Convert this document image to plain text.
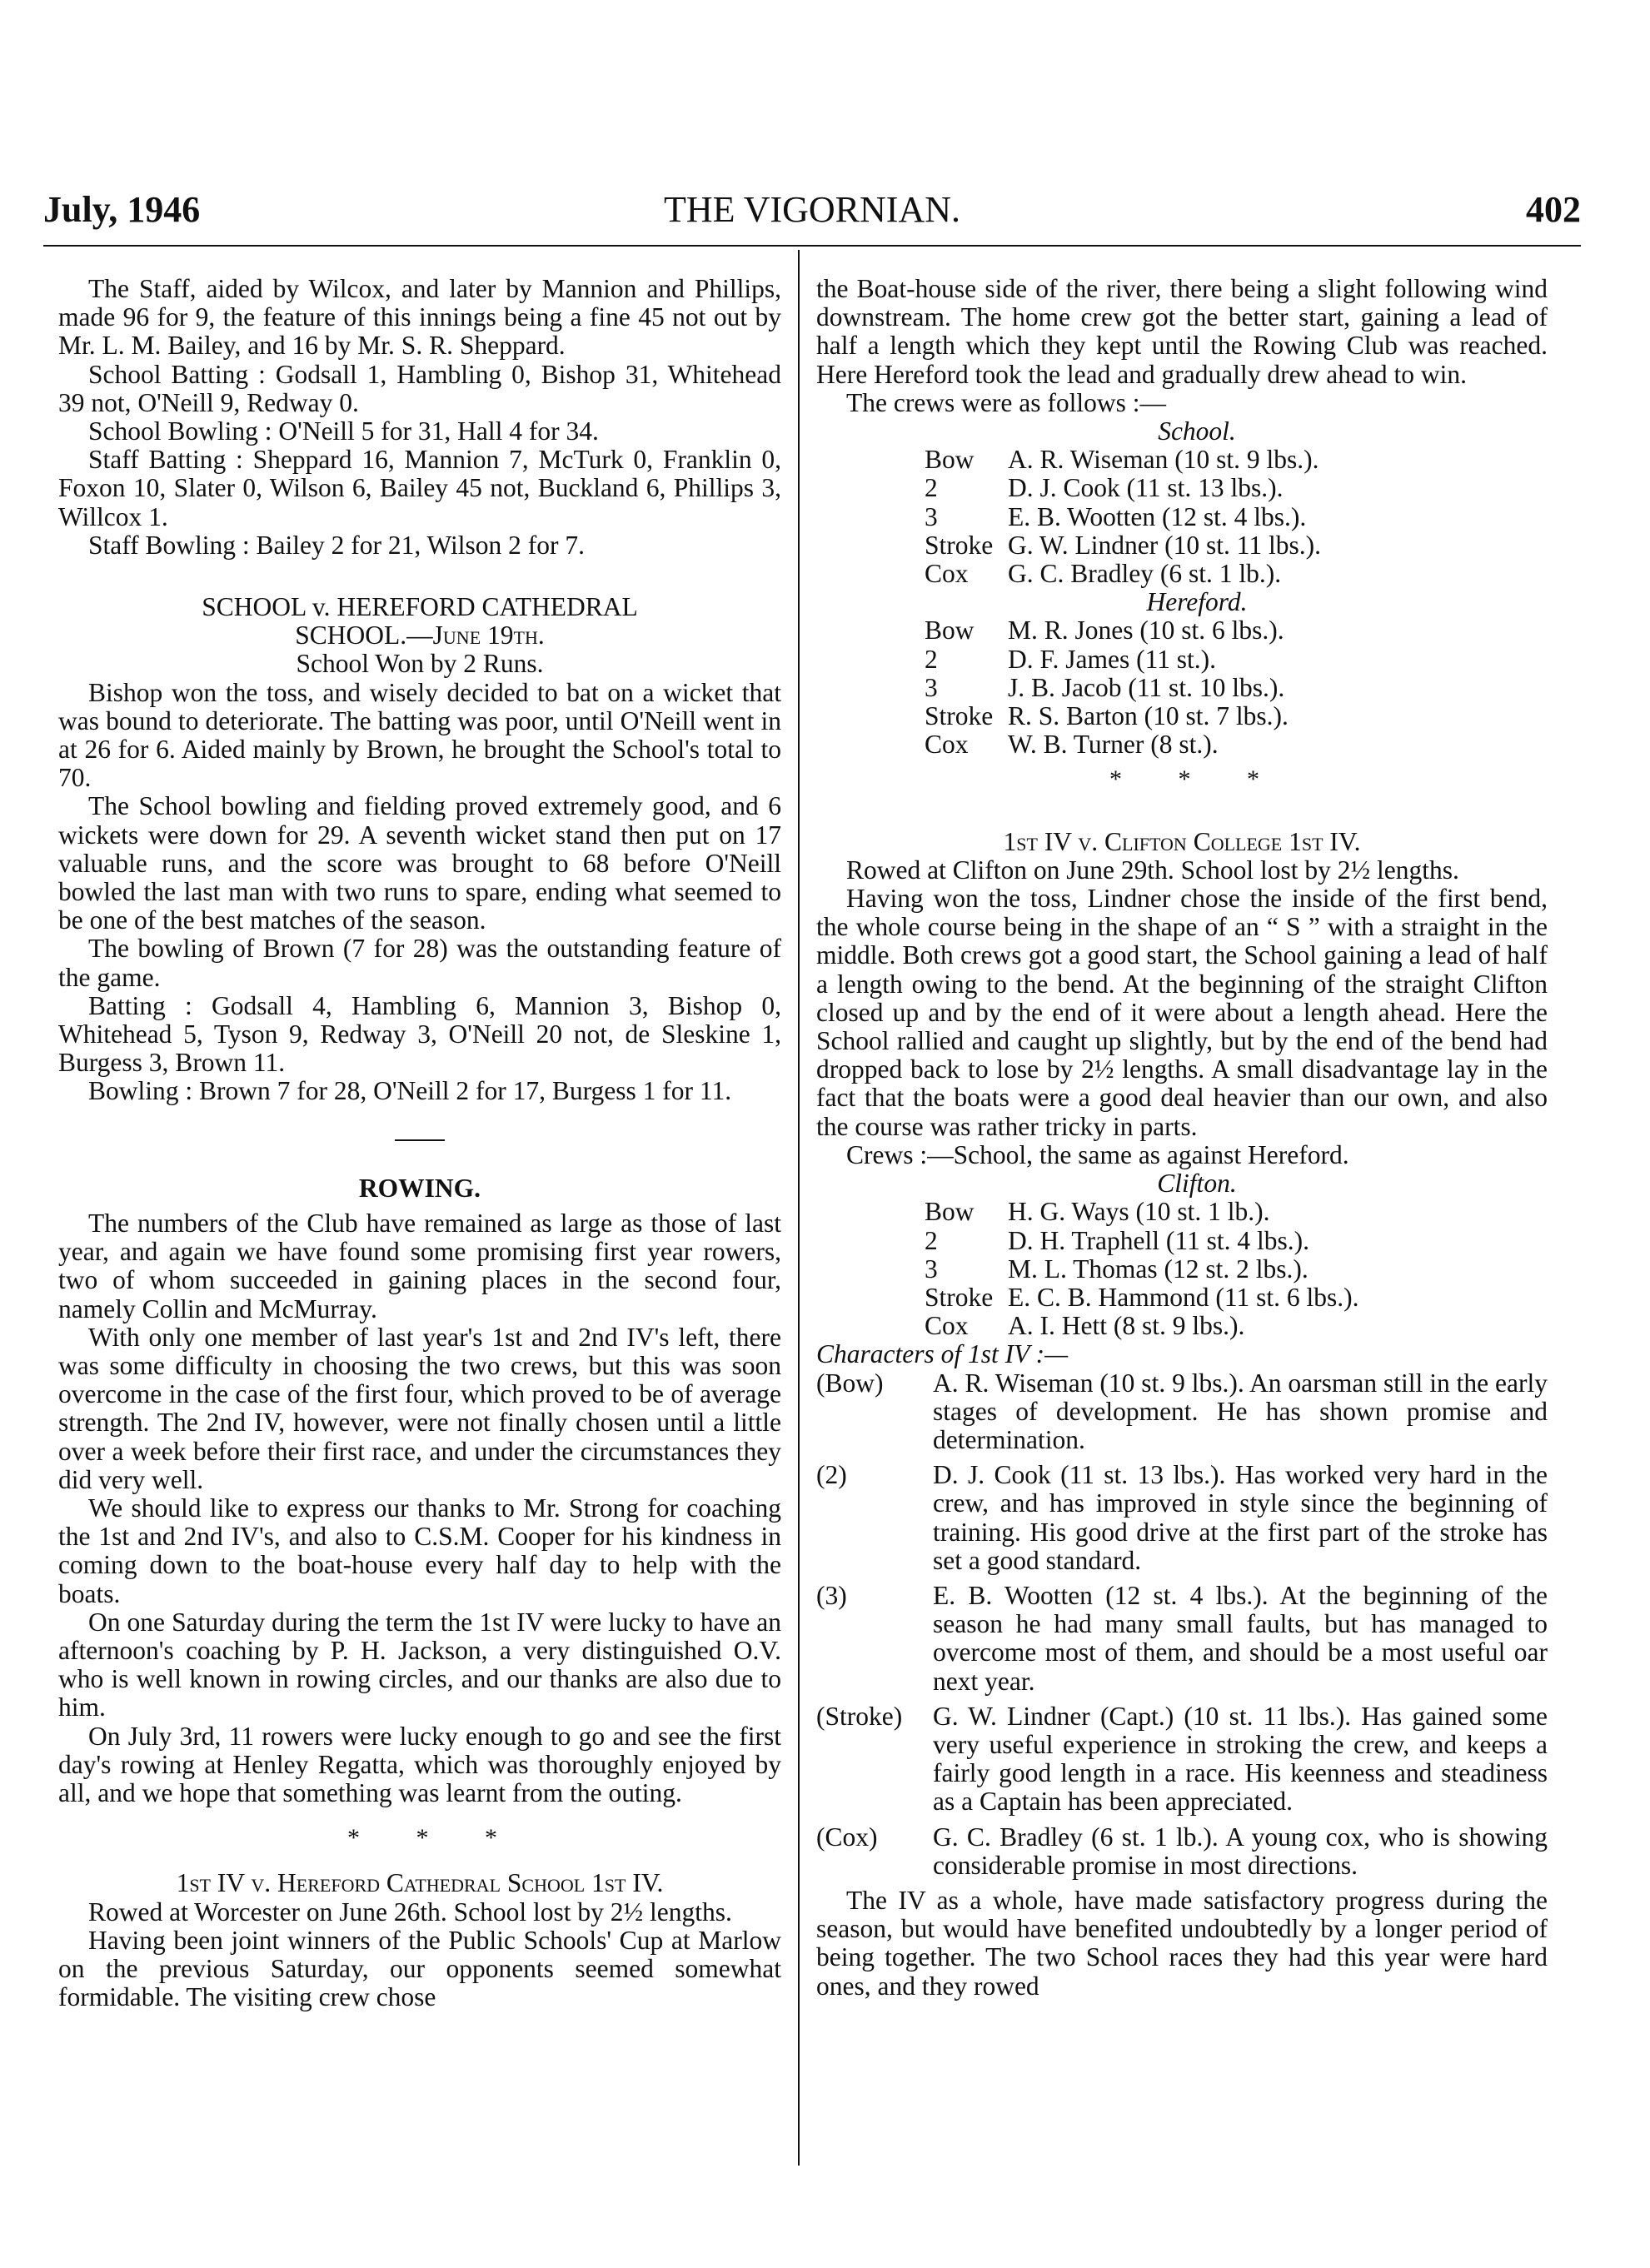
July, 1946	THE VIGORNIAN.	402

The Staff, aided by Wilcox, and later by Mannion and Phillips, made 96 for 9, the feature of this innings being a fine 45 not out by Mr. L. M. Bailey, and 16 by Mr. S. R. Sheppard.

School Batting : Godsall 1, Hambling 0, Bishop 31, Whitehead 39 not, O'Neill 9, Redway 0.

School Bowling : O'Neill 5 for 31, Hall 4 for 34.

Staff Batting : Sheppard 16, Mannion 7, McTurk 0, Franklin 0, Foxon 10, Slater 0, Wilson 6, Bailey 45 not, Buckland 6, Phillips 3, Willcox 1.

Staff Bowling : Bailey 2 for 21, Wilson 2 for 7.

SCHOOL v. HEREFORD CATHEDRAL

SCHOOL.—June 19th.

School Won by 2 Runs.

Bishop won the toss, and wisely decided to bat on a wicket that was bound to deteriorate. The batting was poor, until O'Neill went in at 26 for 6. Aided mainly by Brown, he brought the School's total to 70.

The School bowling and fielding proved extremely good, and 6 wickets were down for 29. A seventh wicket stand then put on 17 valuable runs, and the score was brought to 68 before O'Neill bowled the last man with two runs to spare, ending what seemed to be one of the best matches of the season.

The bowling of Brown (7 for 28) was the outstanding feature of the game.

Batting : Godsall 4, Hambling 6, Mannion 3, Bishop 0, Whitehead 5, Tyson 9, Redway 3, O'Neill 20 not, de Sleskine 1, Burgess 3, Brown 11.

Bowling : Brown 7 for 28, O'Neill 2 for 17, Burgess 1 for 11.

ROWING.

The numbers of the Club have remained as large as those of last year, and again we have found some promising first year rowers, two of whom succeeded in gaining places in the second four, namely Collin and McMurray.

With only one member of last year's 1st and 2nd IV's left, there was some difficulty in choosing the two crews, but this was soon overcome in the case of the first four, which proved to be of average strength. The 2nd IV, however, were not finally chosen until a little over a week before their first race, and under the circumstances they did very well.

We should like to express our thanks to Mr. Strong for coaching the 1st and 2nd IV's, and also to C.S.M. Cooper for his kindness in coming down to the boat-house every half day to help with the boats.

On one Saturday during the term the 1st IV were lucky to have an afternoon's coaching by P. H. Jackson, a very distinguished O.V. who is well known in rowing circles, and our thanks are also due to him.

On July 3rd, 11 rowers were lucky enough to go and see the first day's rowing at Henley Regatta, which was thoroughly enjoyed by all, and we hope that something was learnt from the outing.

* * *

1st IV v. Hereford Cathedral School 1st IV.

Rowed at Worcester on June 26th. School lost by 2½ lengths.

Having been joint winners of the Public Schools' Cup at Marlow on the previous Saturday, our opponents seemed somewhat formidable. The visiting crew chose

the Boat-house side of the river, there being a slight following wind downstream. The home crew got the better start, gaining a lead of half a length which they kept until the Rowing Club was reached. Here Hereford took the lead and gradually drew ahead to win.

The crews were as follows :—

School.

Bow	A. R. Wiseman (10 st. 9 lbs.).
2	D. J. Cook (11 st. 13 lbs.).
3	E. B. Wootten (12 st. 4 lbs.).
Stroke G. W. Lindner (10 st. 11 lbs.).
Cox	G. C. Bradley (6 st. 1 lb.).

Hereford.

Bow	M. R. Jones (10 st. 6 lbs.).
2	D. F. James (11 st.).
3	J. B. Jacob (11 st. 10 lbs.).
Stroke R. S. Barton (10 st. 7 lbs.).
Cox	W. B. Turner (8 st.).

* * *

1st IV v. Clifton College 1st IV.

Rowed at Clifton on June 29th. School lost by 2½ lengths.

Having won the toss, Lindner chose the inside of the first bend, the whole course being in the shape of an “ S ” with a straight in the middle. Both crews got a good start, the School gaining a lead of half a length owing to the bend. At the beginning of the straight Clifton closed up and by the end of it were about a length ahead. Here the School rallied and caught up slightly, but by the end of the bend had dropped back to lose by 2½ lengths. A small disadvantage lay in the fact that the boats were a good deal heavier than our own, and also the course was rather tricky in parts.

Crews :—School, the same as against Hereford.

Clifton.

Bow	H. G. Ways (10 st. 1 lb.).
2	D. H. Traphell (11 st. 4 lbs.).
3	M. L. Thomas (12 st. 2 lbs.).
Stroke E. C. B. Hammond (11 st. 6 lbs.).
Cox	A. I. Hett (8 st. 9 lbs.).

Characters of 1st IV :—

(Bow)	A. R. Wiseman (10 st. 9 lbs.). An oarsman still in the early stages of development. He has shown promise and determination.
(2)	D. J. Cook (11 st. 13 lbs.). Has worked very hard in the crew, and has improved in style since the beginning of training. His good drive at the first part of the stroke has set a good standard.
(3)	E. B. Wootten (12 st. 4 lbs.). At the beginning of the season he had many small faults, but has managed to overcome most of them, and should be a most useful oar next year.
(Stroke)	G. W. Lindner (Capt.) (10 st. 11 lbs.). Has gained some very useful experience in stroking the crew, and keeps a fairly good length in a race. His keenness and steadiness as a Captain has been appreciated.
(Cox)	G. C. Bradley (6 st. 1 lb.). A young cox, who is showing considerable promise in most directions.

The IV as a whole, have made satisfactory progress during the season, but would have benefited undoubtedly by a longer period of being together. The two School races they had this year were hard ones, and they rowed
